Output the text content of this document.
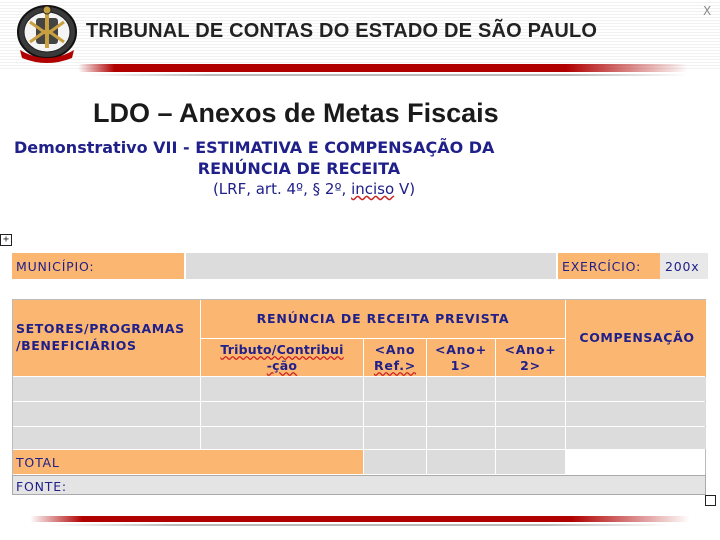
TRIBUNAL DE CONTAS DO ESTADO DE SÃO PAULO
X
LDO – Anexos de Metas Fiscais
Demonstrativo VII - ESTIMATIVA E COMPENSAÇÃO DA
RENÚNCIA DE RECEITA
(LRF, art. 4º, § 2º, inciso V)
+
MUNICÍPIO:	EXERCÍCIO:	200x
SETORES/PROGRAMAS /BENEFICIÁRIOS
RENÚNCIA DE RECEITA PREVISTA
COMPENSAÇÃO
Tributo/Contribui
-ção
<Ano
Ref.>
<Ano+
1>
<Ano+
2>
TOTAL
FONTE:
